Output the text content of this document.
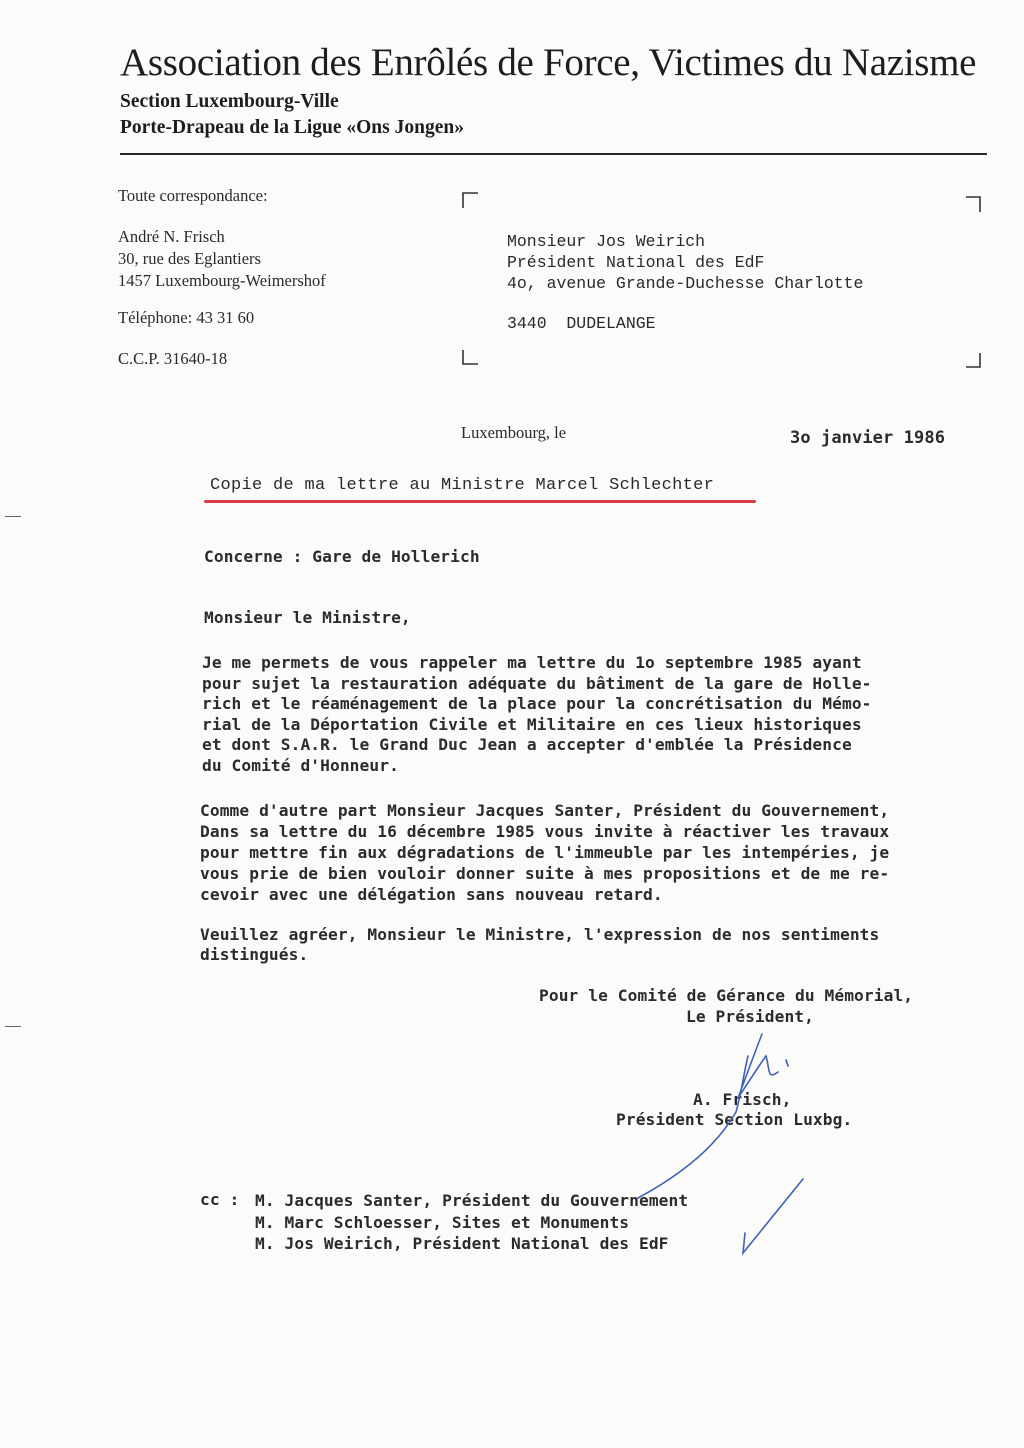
Association des Enrôlés de Force, Victimes du Nazisme
Section Luxembourg-Ville
Porte-Drapeau de la Ligue «Ons Jongen»
Toute correspondance:
André N. Frisch
30, rue des Eglantiers
1457 Luxembourg-Weimershof
Téléphone: 43 31 60
C.C.P. 31640-18
Monsieur Jos Weirich
Président National des EdF
4o, avenue Grande-Duchesse Charlotte
3440  DUDELANGE
Luxembourg, le	3o janvier 1986
Copie de ma lettre au Ministre Marcel Schlechter
Concerne : Gare de Hollerich
Monsieur le Ministre,
Je me permets de vous rappeler ma lettre du 1o septembre 1985 ayant
pour sujet la restauration adéquate du bâtiment de la gare de Holle-
rich et le réaménagement de la place pour la concrétisation du Mémo-
rial de la Déportation Civile et Militaire en ces lieux historiques
et dont S.A.R. le Grand Duc Jean a accepter d'emblée la Présidence
du Comité d'Honneur.
Comme d'autre part Monsieur Jacques Santer, Président du Gouvernement,
Dans sa lettre du 16 décembre 1985 vous invite à réactiver les travaux
pour mettre fin aux dégradations de l'immeuble par les intempéries, je
vous prie de bien vouloir donner suite à mes propositions et de me re-
cevoir avec une délégation sans nouveau retard.
Veuillez agréer, Monsieur le Ministre, l'expression de nos sentiments
distingués.
Pour le Comité de Gérance du Mémorial,
Le Président,
A. Frisch,
Président Section Luxbg.
cc : M. Jacques Santer, Président du Gouvernement
M. Marc Schloesser, Sites et Monuments
M. Jos Weirich, Président National des EdF
